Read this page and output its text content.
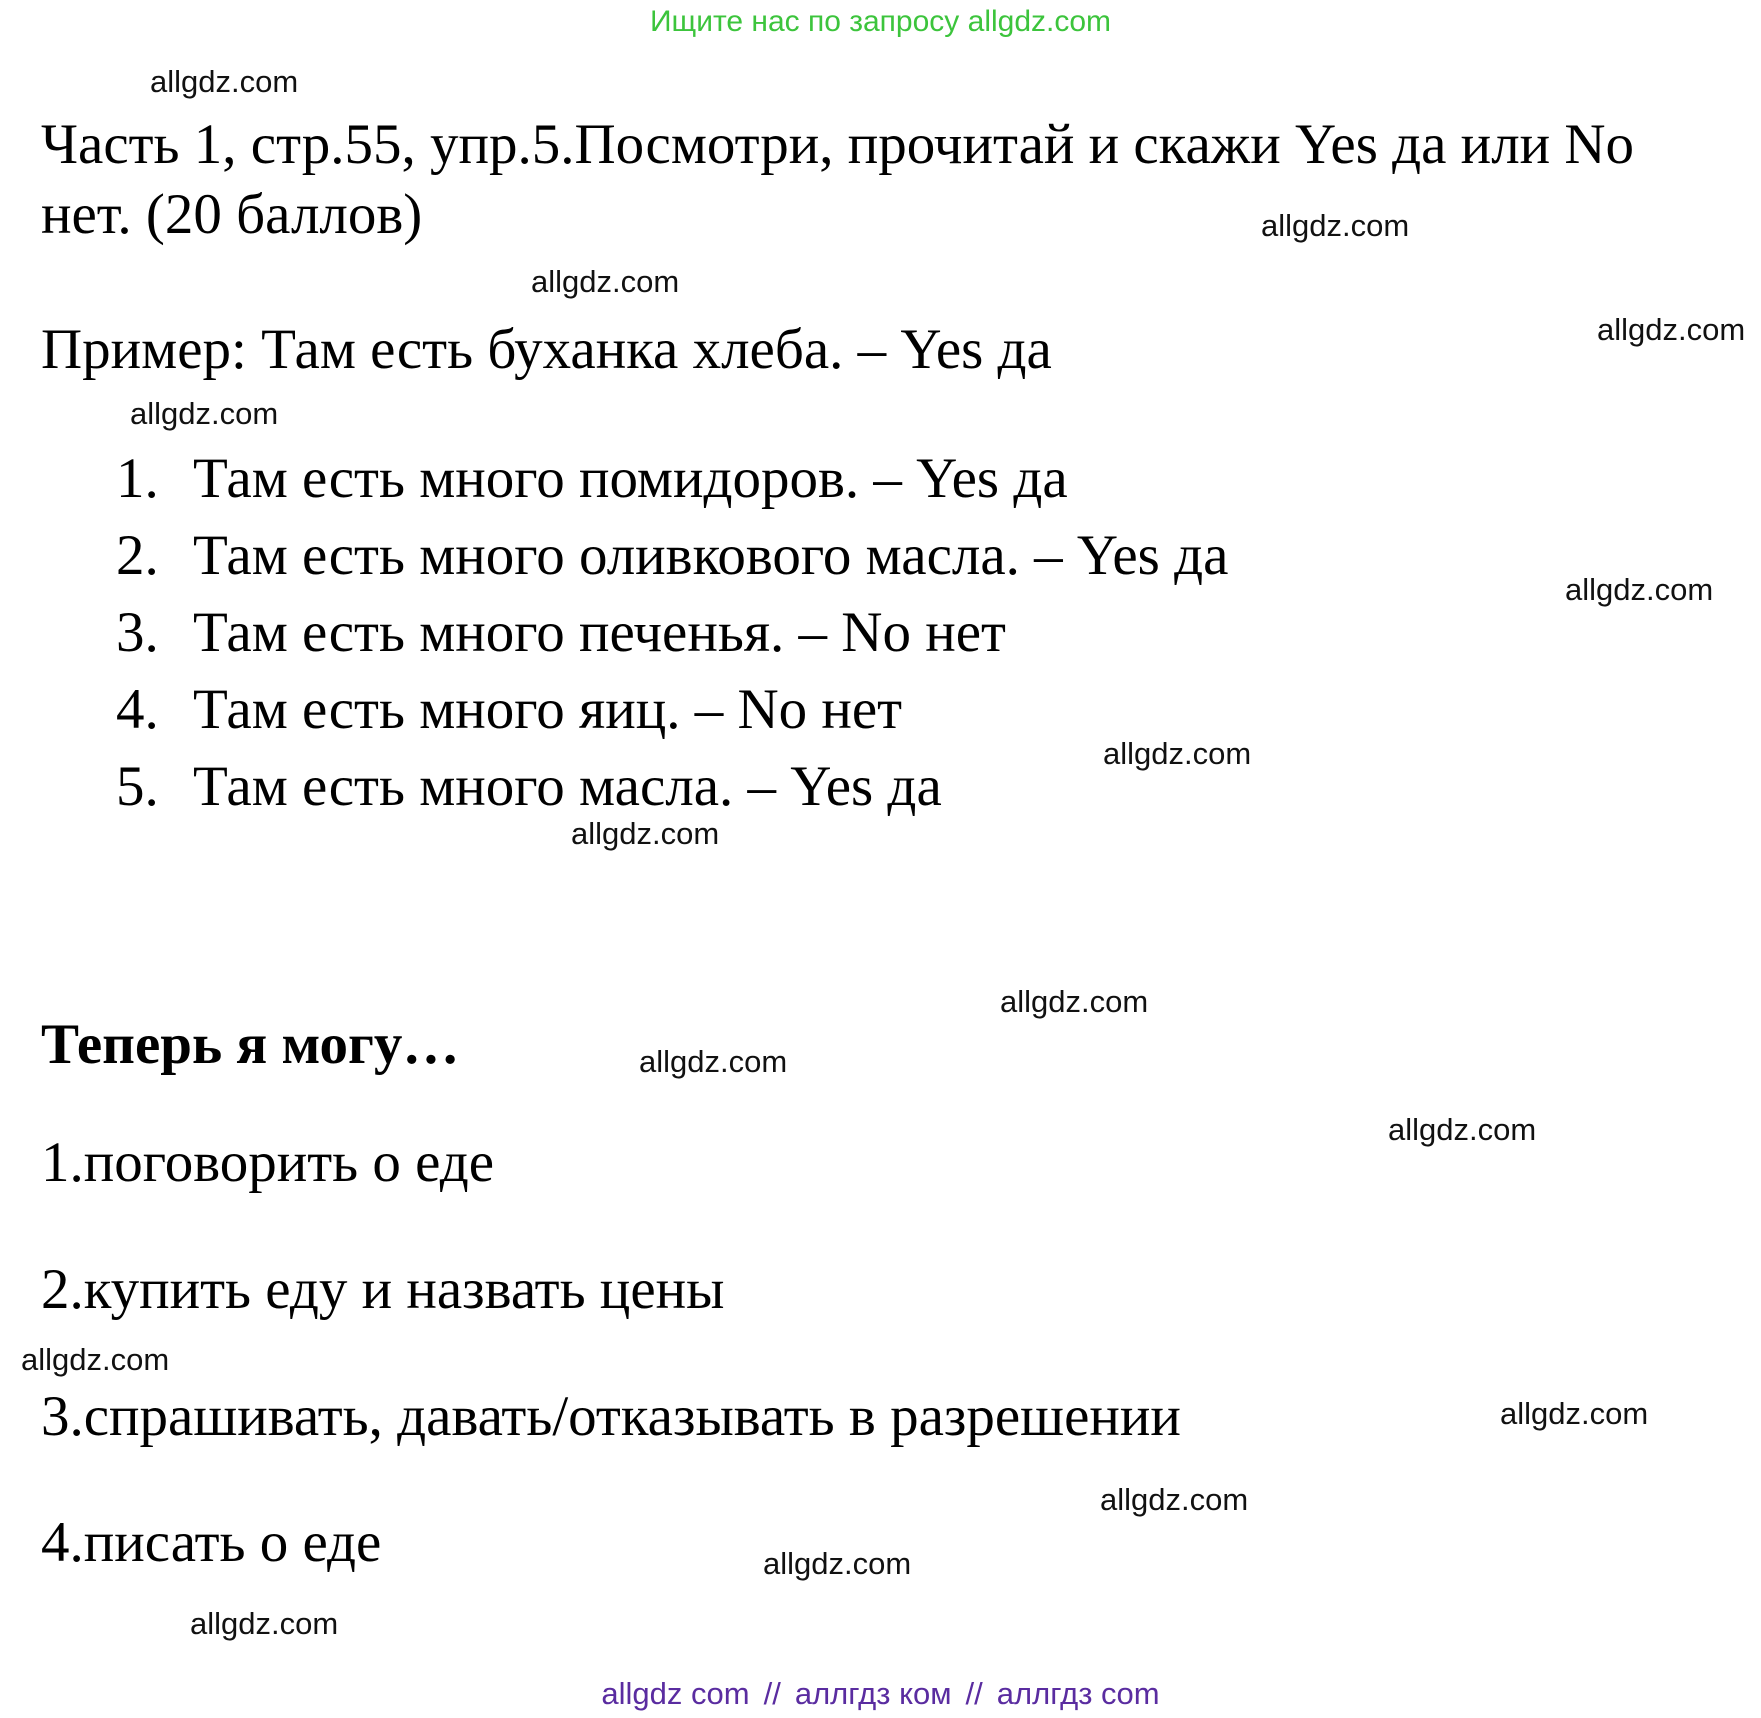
Ищите нас по запросу allgdz.com
allgdz.com
allgdz.com
allgdz.com
allgdz.com
allgdz.com
allgdz.com
allgdz.com
allgdz.com
allgdz.com
allgdz.com
allgdz.com
allgdz.com
allgdz.com
allgdz.com
allgdz.com
allgdz.com
Часть 1, стр.55, упр.5.Посмотри, прочитай и скажи Yes да или No нет. (20 баллов)
Пример: Там есть буханка хлеба. – Yes да
1. Там есть много помидоров. – Yes да
2. Там есть много оливкового масла. – Yes да
3. Там есть много печенья. – No нет
4. Там есть много яиц. – No нет
5. Там есть много масла. – Yes да
Теперь я могу…
1.поговорить о еде
2.купить еду и назвать цены
3.спрашивать, давать/отказывать в разрешении
4.писать о еде
allgdz com // аллгдз ком // аллгдз com
